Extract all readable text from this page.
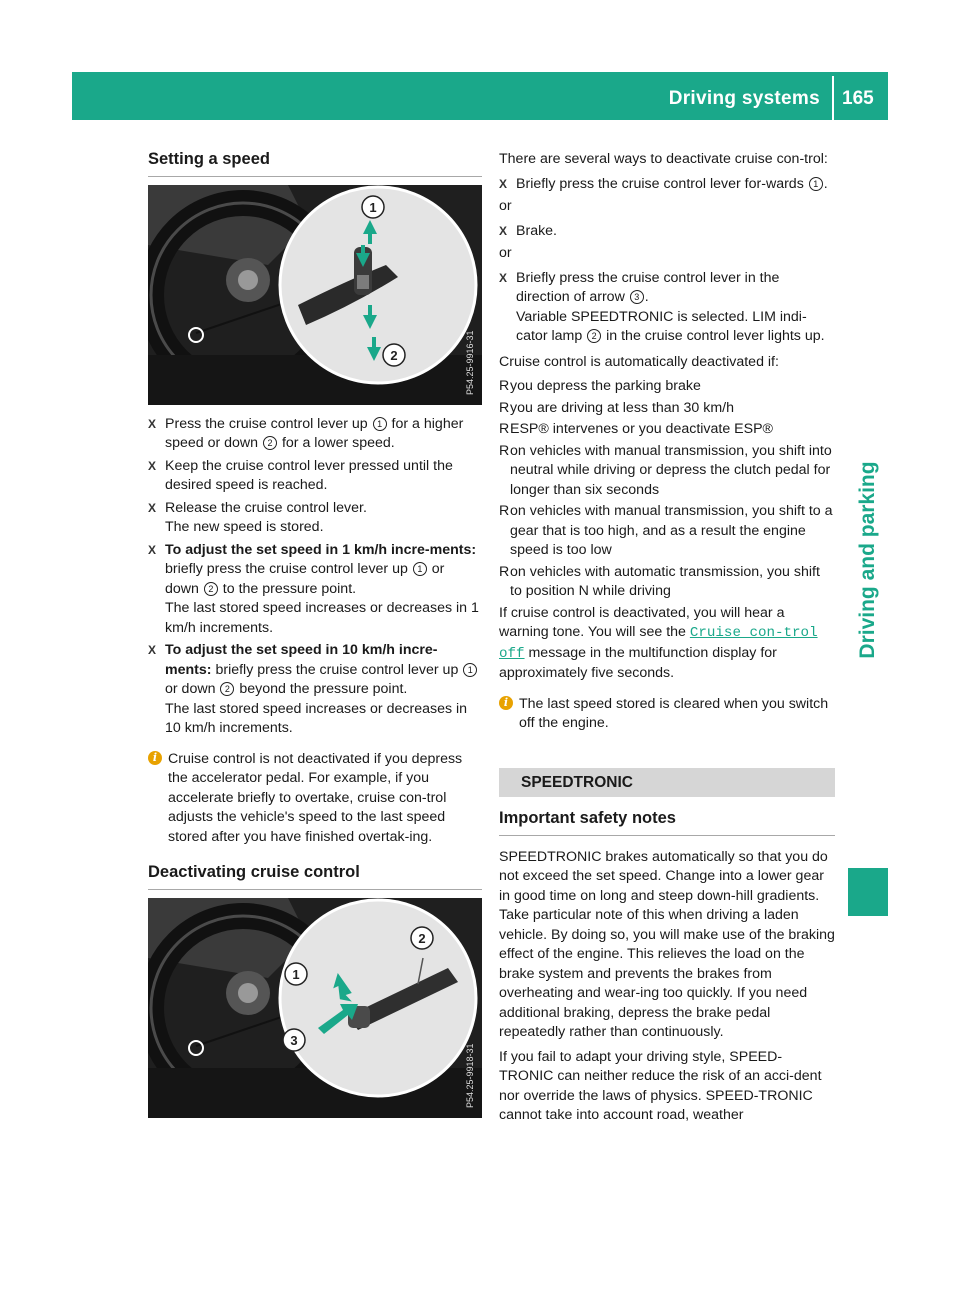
Driving systems 165
Driving and parking
Setting a speed
1
2	P54.25-9916-31
X Press the cruise control lever up 1 for a higher speed or down 2 for a lower speed.
X Keep the cruise control lever pressed until the desired speed is reached.
X Release the cruise control lever.
The new speed is stored.
X To adjust the set speed in 1 km/h incre-ments: briefly press the cruise control lever up 1 or down 2 to the pressure point.
The last stored speed increases or decreases in 1 km/h increments.
X To adjust the set speed in 10 km/h incre-ments: briefly press the cruise control lever up 1 or down 2 beyond the pressure point.
The last stored speed increases or decreases in 10 km/h increments.
i Cruise control is not deactivated if you depress the accelerator pedal. For example, if you accelerate briefly to overtake, cruise con-trol adjusts the vehicle's speed to the last speed stored after you have finished overtak-ing.
Deactivating cruise control
1
2
3
P54.25-9918-31

There are several ways to deactivate cruise con-trol:

X Briefly press the cruise control lever for-wards 1 .

or

X Brake.

or

X Briefly press the cruise control lever in the direction of arrow 3 .
Variable SPEEDTRONIC is selected. LIM indi-cator lamp 2 in the cruise control lever lights up.

Cruise control is automatically deactivated if:

R you depress the parking brake
R you are driving at less than 30 km/h
R ESP® intervenes or you deactivate ESP®
R on vehicles with manual transmission, you shift into neutral while driving or depress the clutch pedal for longer than six seconds
R on vehicles with manual transmission, you shift to a gear that is too high, and as a result the engine speed is too low
R on vehicles with automatic transmission, you shift to position N while driving

If cruise control is deactivated, you will hear a warning tone. You will see the Cruise con-trol off message in the multifunction display for approximately five seconds.

i The last speed stored is cleared when you switch off the engine.
SPEEDTRONIC
Important safety notes

SPEEDTRONIC brakes automatically so that you do not exceed the set speed. Change into a lower gear in good time on long and steep down-hill gradients. Take particular note of this when driving a laden vehicle. By doing so, you will make use of the braking effect of the engine. This relieves the load on the brake system and prevents the brakes from overheating and wear-ing too quickly. If you need additional braking, depress the brake pedal repeatedly rather than continuously.

If you fail to adapt your driving style, SPEED-TRONIC can neither reduce the risk of an acci-dent nor override the laws of physics. SPEED-TRONIC cannot take into account road, weather
